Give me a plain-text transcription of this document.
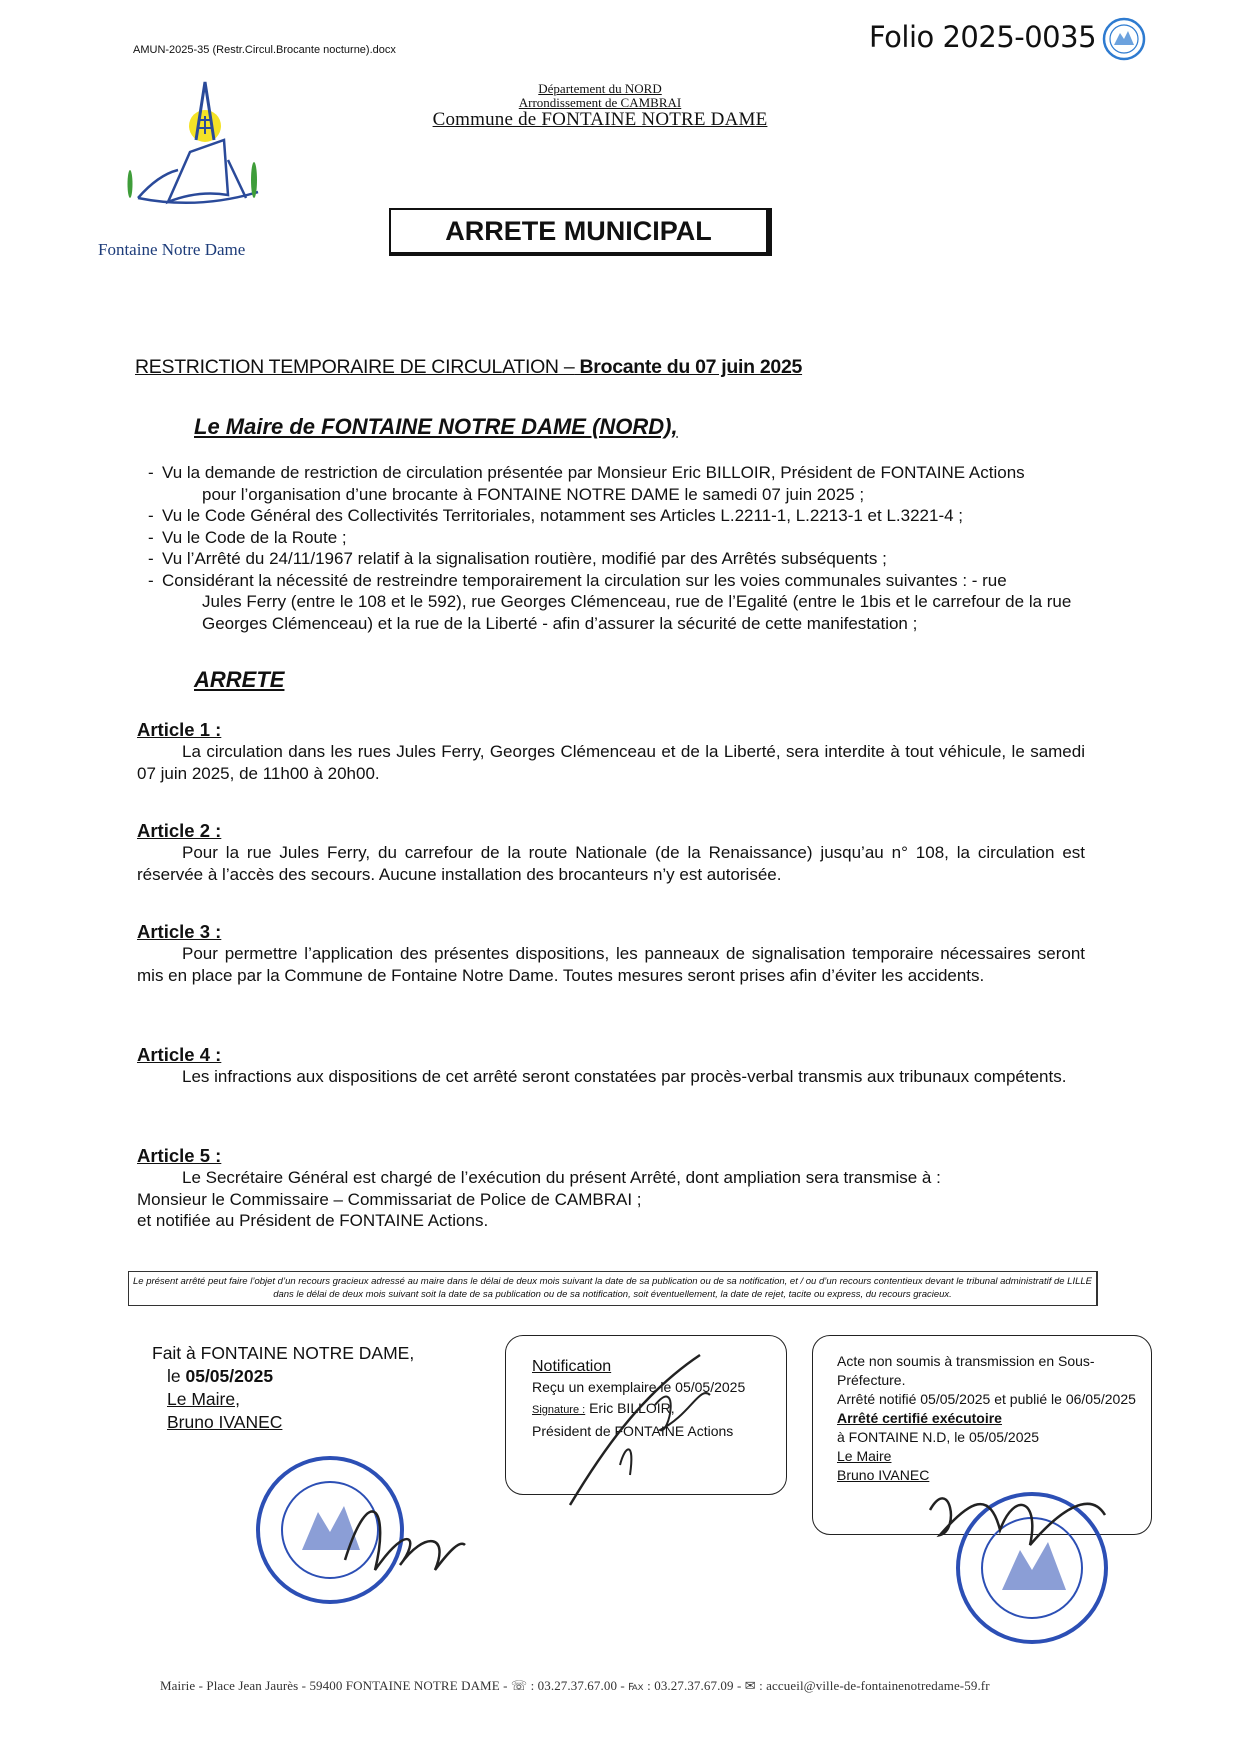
AMUN-2025-35 (Restr.Circul.Brocante nocturne).docx	Folio 2025-0035
Département du NORD
Arrondissement de CAMBRAI
Commune de FONTAINE NOTRE DAME
Fontaine Notre Dame
ARRETE MUNICIPAL
RESTRICTION TEMPORAIRE DE CIRCULATION – Brocante du 07 juin 2025
Le Maire de FONTAINE NOTRE DAME (NORD),
- Vu la demande de restriction de circulation présentée par Monsieur Eric BILLOIR, Président de FONTAINE Actions
pour l’organisation d’une brocante à FONTAINE NOTRE DAME le samedi 07 juin 2025 ;
- Vu le Code Général des Collectivités Territoriales, notamment ses Articles L.2211-1, L.2213-1 et L.3221-4 ;
- Vu le Code de la Route ;
- Vu l’Arrêté du 24/11/1967 relatif à la signalisation routière, modifié par des Arrêtés subséquents ;
- Considérant la nécessité de restreindre temporairement la circulation sur les voies communales suivantes : - rue
Jules Ferry (entre le 108 et le 592), rue Georges Clémenceau, rue de l’Egalité (entre le 1bis et le carrefour de la rue Georges Clémenceau) et la rue de la Liberté - afin d’assurer la sécurité de cette manifestation ;
ARRETE
Article 1 :
La circulation dans les rues Jules Ferry, Georges Clémenceau et de la Liberté, sera interdite à tout véhicule, le samedi 07 juin 2025, de 11h00 à 20h00.
Article 2 :
Pour la rue Jules Ferry, du carrefour de la route Nationale (de la Renaissance) jusqu’au n° 108, la circulation est réservée à l’accès des secours. Aucune installation des brocanteurs n’y est autorisée.
Article 3 :
Pour permettre l’application des présentes dispositions, les panneaux de signalisation temporaire nécessaires seront mis en place par la Commune de Fontaine Notre Dame. Toutes mesures seront prises afin d’éviter les accidents.
Article 4 :
Les infractions aux dispositions de cet arrêté seront constatées par procès-verbal transmis aux tribunaux compétents.
Article 5 :
Le Secrétaire Général est chargé de l’exécution du présent Arrêté, dont ampliation sera transmise à :
Monsieur le Commissaire – Commissariat de Police de CAMBRAI ;
et notifiée au Président de FONTAINE Actions.
Le présent arrêté peut faire l’objet d’un recours gracieux adressé au maire dans le délai de deux mois suivant la date de sa publication ou de sa notification, et / ou d’un recours contentieux devant le tribunal administratif de LILLE dans le délai de deux mois suivant soit la date de sa publication ou de sa notification, soit éventuellement, la date de rejet, tacite ou express, du recours gracieux.
Fait à FONTAINE NOTRE DAME,
le 05/05/2025
Le Maire,
Bruno IVANEC
Notification
Reçu un exemplaire le 05/05/2025
Signature : Eric BILLOIR,
Président de FONTAINE Actions
Acte non soumis à transmission en Sous-Préfecture.
Arrêté notifié 05/05/2025 et publié le 06/05/2025
Arrêté certifié exécutoire
à FONTAINE N.D, le 05/05/2025
Le Maire
Bruno IVANEC
Mairie - Place Jean Jaurès - 59400 FONTAINE NOTRE DAME - ☏ : 03.27.37.67.00 - ℻ : 03.27.37.67.09 - ✉ : accueil@ville-de-fontainenotredame-59.fr
